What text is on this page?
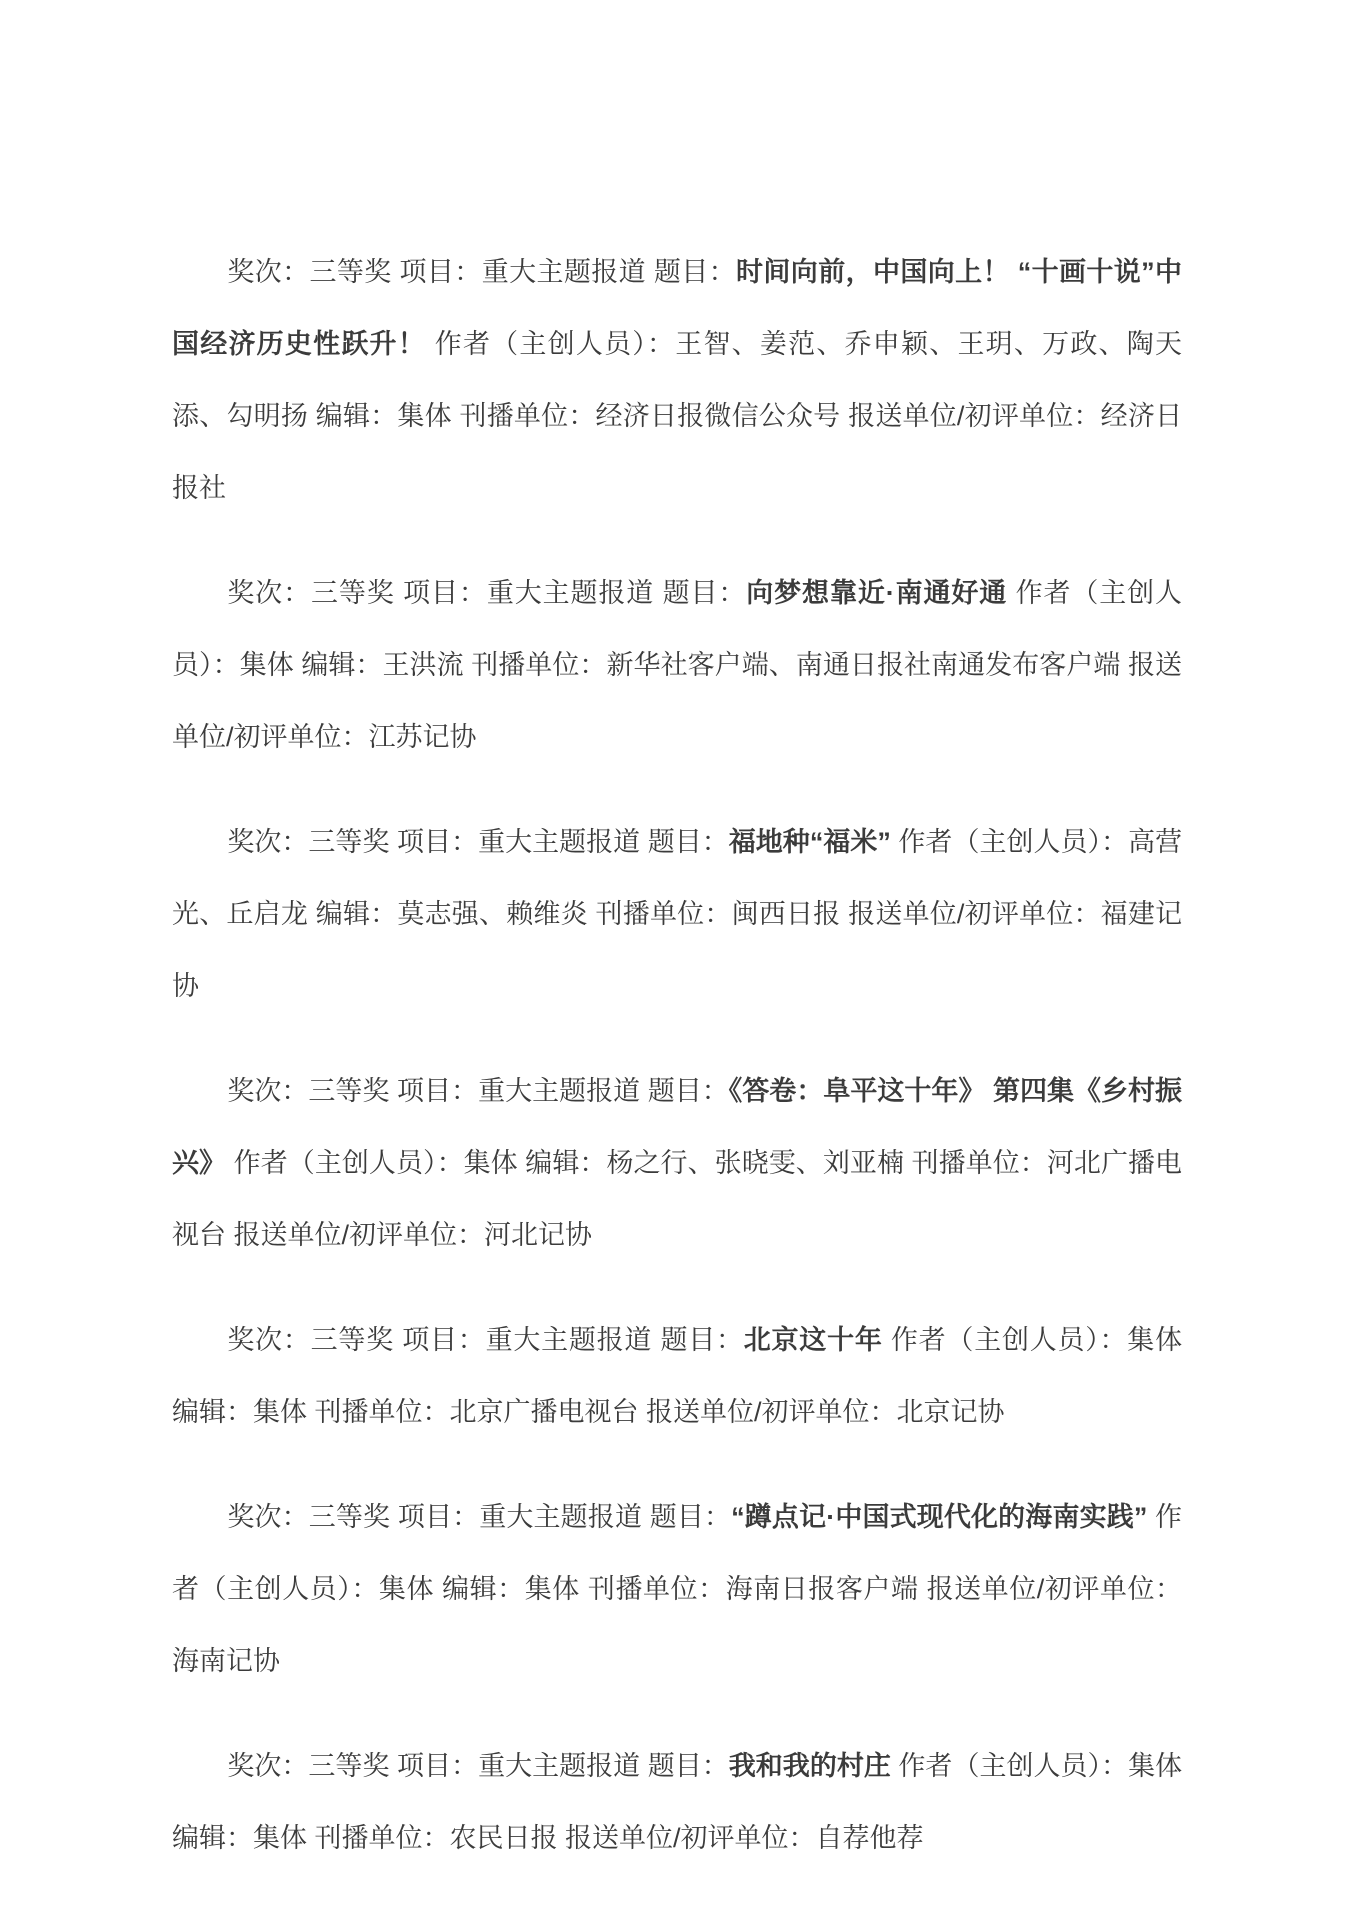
奖次：三等奖 项目：重大主题报道 题目：时间向前，中国向上！ “十画十说”中国经济历史性跃升！ 作者（主创人员）：王智、姜范、乔申颖、王玥、万政、陶天添、勾明扬 编辑：集体 刊播单位：经济日报微信公众号 报送单位/初评单位：经济日报社

奖次：三等奖 项目：重大主题报道 题目：向梦想靠近·南通好通 作者（主创人员）：集体 编辑：王洪流 刊播单位：新华社客户端、南通日报社南通发布客户端 报送单位/初评单位：江苏记协

奖次：三等奖 项目：重大主题报道 题目：福地种“福米” 作者（主创人员）：高营光、丘启龙 编辑：莫志强、赖维炎 刊播单位：闽西日报 报送单位/初评单位：福建记协

奖次：三等奖 项目：重大主题报道 题目：《答卷：阜平这十年》 第四集《乡村振兴》 作者（主创人员）：集体 编辑：杨之行、张晓雯、刘亚楠 刊播单位：河北广播电视台 报送单位/初评单位：河北记协

奖次：三等奖 项目：重大主题报道 题目：北京这十年 作者（主创人员）：集体 编辑：集体 刊播单位：北京广播电视台 报送单位/初评单位：北京记协

奖次：三等奖 项目：重大主题报道 题目：“蹲点记·中国式现代化的海南实践” 作者（主创人员）：集体 编辑：集体 刊播单位：海南日报客户端 报送单位/初评单位：海南记协

奖次：三等奖 项目：重大主题报道 题目：我和我的村庄 作者（主创人员）：集体 编辑：集体 刊播单位：农民日报 报送单位/初评单位：自荐他荐
